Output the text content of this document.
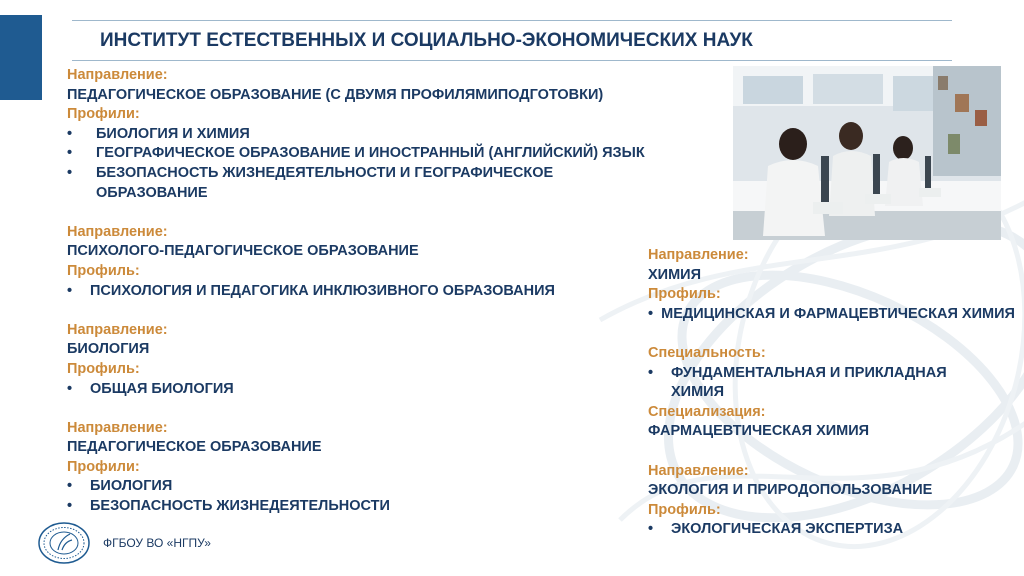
ИНСТИТУТ ЕСТЕСТВЕННЫХ И СОЦИАЛЬНО-ЭКОНОМИЧЕСКИХ НАУК
Направление:
ПЕДАГОГИЧЕСКОЕ ОБРАЗОВАНИЕ (С ДВУМЯ ПРОФИЛЯМИПОДГОТОВКИ)
Профили:
• БИОЛОГИЯ И ХИМИЯ
• ГЕОГРАФИЧЕСКОЕ ОБРАЗОВАНИЕ И ИНОСТРАННЫЙ (АНГЛИЙСКИЙ) ЯЗЫК
• БЕЗОПАСНОСТЬ ЖИЗНЕДЕЯТЕЛЬНОСТИ И ГЕОГРАФИЧЕСКОЕ ОБРАЗОВАНИЕ
Направление:
ПСИХОЛОГО-ПЕДАГОГИЧЕСКОЕ ОБРАЗОВАНИЕ
Профиль:
• ПСИХОЛОГИЯ И ПЕДАГОГИКА ИНКЛЮЗИВНОГО ОБРАЗОВАНИЯ
Направление:
БИОЛОГИЯ
Профиль:
• ОБЩАЯ БИОЛОГИЯ
Направление:
ПЕДАГОГИЧЕСКОЕ ОБРАЗОВАНИЕ
Профили:
• БИОЛОГИЯ
• БЕЗОПАСНОСТЬ ЖИЗНЕДЕЯТЕЛЬНОСТИ
Направление:
ХИМИЯ
Профиль:
• МЕДИЦИНСКАЯ И ФАРМАЦЕВТИЧЕСКАЯ ХИМИЯ
Специальность:
• ФУНДАМЕНТАЛЬНАЯ И ПРИКЛАДНАЯ ХИМИЯ
Специализация:
ФАРМАЦЕВТИЧЕСКАЯ ХИМИЯ
Направление:
ЭКОЛОГИЯ И ПРИРОДОПОЛЬЗОВАНИЕ
Профиль:
• ЭКОЛОГИЧЕСКАЯ ЭКСПЕРТИЗА
ФГБОУ ВО «НГПУ»
